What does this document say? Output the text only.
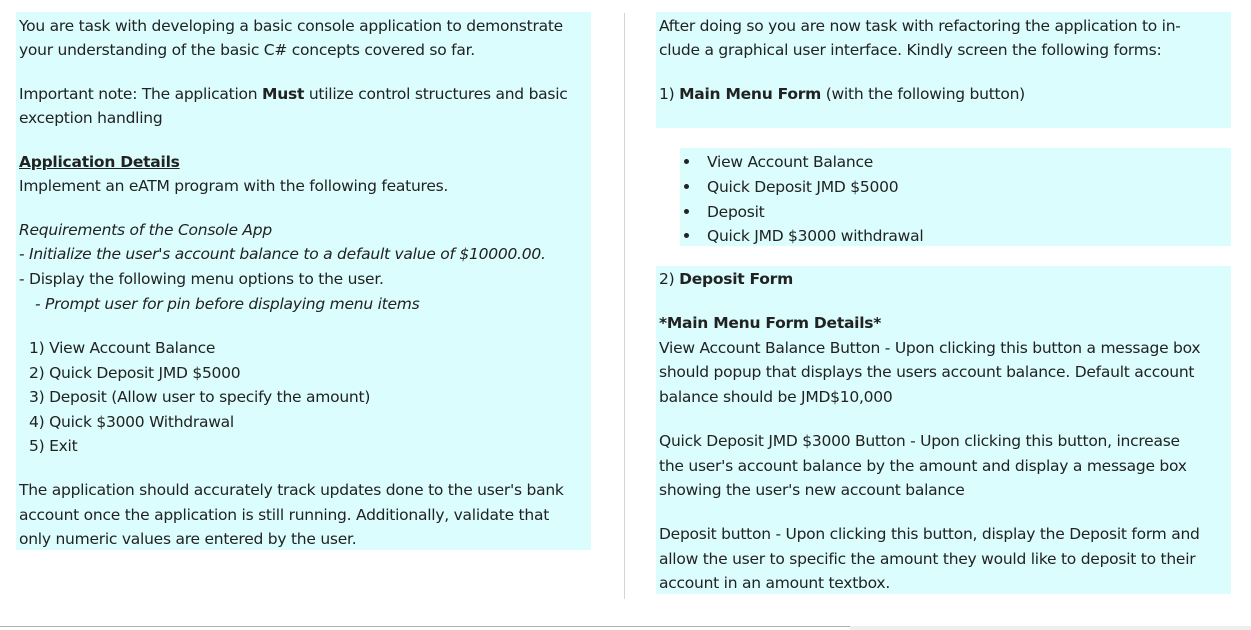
You are task with developing a basic console application to demonstrate
your understanding of the basic C# concepts covered so far.
Important note: The application Must utilize control structures and basic
exception handling
Application Details
Implement an eATM program with the following features.
Requirements of the Console App
- Initialize the user's account balance to a default value of $10000.00.
- Display the following menu options to the user.
- Prompt user for pin before displaying menu items
1) View Account Balance
2) Quick Deposit JMD $5000
3) Deposit (Allow user to specify the amount)
4) Quick $3000 Withdrawal
5) Exit
The application should accurately track updates done to the user's bank
account once the application is still running. Additionally, validate that
only numeric values are entered by the user.
After doing so you are now task with refactoring the application to in-
clude a graphical user interface. Kindly screen the following forms:
1) Main Menu Form (with the following button)
View Account Balance
Quick Deposit JMD $5000
Deposit
Quick JMD $3000 withdrawal
2) Deposit Form
*Main Menu Form Details*
View Account Balance Button - Upon clicking this button a message box
should popup that displays the users account balance. Default account
balance should be JMD$10,000
Quick Deposit JMD $3000 Button - Upon clicking this button, increase
the user's account balance by the amount and display a message box
showing the user's new account balance
Deposit button - Upon clicking this button, display the Deposit form and
allow the user to specific the amount they would like to deposit to their
account in an amount textbox.
